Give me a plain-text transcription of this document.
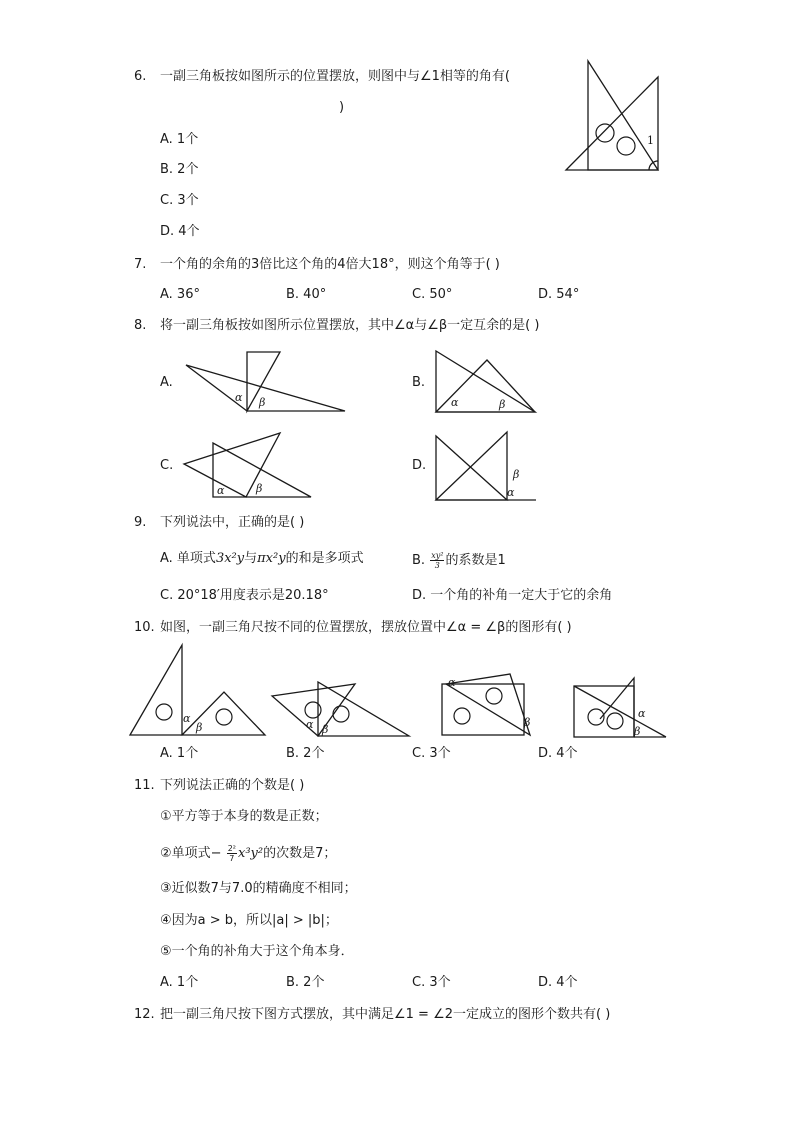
6. 一副三角板按如图所示的位置摆放，则图中与∠1相等的角有(
)
A. 1个
B. 2个
C. 3个
D. 4个
1
7. 一个角的余角的3倍比这个角的4倍大18°，则这个角等于( )
A. 36°	B. 40°	C. 50°	D. 54°
8. 将一副三角板按如图所示位置摆放，其中∠α与∠β一定互余的是( )
A.
α β
B.
α	β
C.
α	β
D.
β
α
9. 下列说法中，正确的是( )
A. 单项式3x²y与πx²y的和是多项式	B. $\frac{\text{xy²}}{3}$ 的系数是1
C. 20°18′用度表示是20.18°	D. 一个角的补角一定大于它的余角
10. 如图，一副三角尺按不同的位置摆放，摆放位置中∠α = ∠β的图形有( )
α
β	α β
α
β
α
β
A. 1个	B. 2个	C. 3个	D. 4个
11. 下列说法正确的个数是( )
①平方等于本身的数是正数；
②单项式− $\frac{\text{2²}}{7} x^3y^2$的次数是7；
③近似数7与7.0的精确度不相同；
④因为a > b，所以|a| > |b|；
⑤一个角的补角大于这个角本身．
A. 1个	B. 2个	C. 3个	D. 4个
12. 把一副三角尺按下图方式摆放，其中满足∠1 = ∠2一定成立的图形个数共有( )
